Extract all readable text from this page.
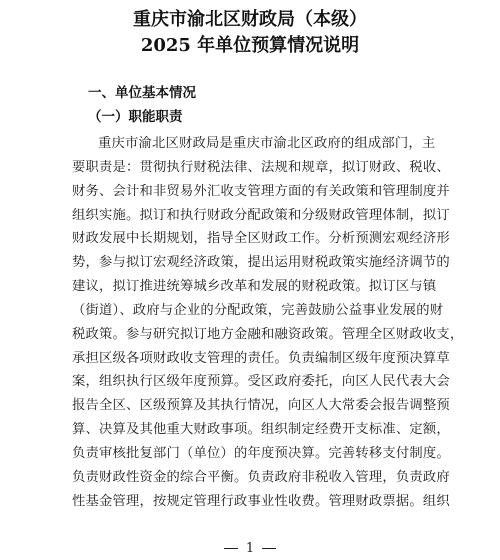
重庆市渝北区财政局（本级）
2025 年单位预算情况说明
一、单位基本情况
（一）职能职责
重庆市渝北区财政局是重庆市渝北区政府的组成部门，主
要职责是：贯彻执行财税法律、法规和规章，拟订财政、税收、
财务、会计和非贸易外汇收支管理方面的有关政策和管理制度并
组织实施。拟订和执行财政分配政策和分级财政管理体制，拟订
财政发展中长期规划，指导全区财政工作。分析预测宏观经济形
势，参与拟订宏观经济政策，提出运用财税政策实施经济调节的
建议，拟订推进统筹城乡改革和发展的财税政策。拟订区与镇
（街道）、政府与企业的分配政策，完善鼓励公益事业发展的财
税政策。参与研究拟订地方金融和融资政策。管理全区财政收支，
承担区级各项财政收支管理的责任。负责编制区级年度预决算草
案，组织执行区级年度预算。受区政府委托，向区人民代表大会
报告全区、区级预算及其执行情况，向区人大常委会报告调整预
算、决算及其他重大财政事项。组织制定经费开支标准、定额，
负责审核批复部门（单位）的年度预决算。完善转移支付制度。
负责财政性资金的综合平衡。负责政府非税收入管理，负责政府
性基金管理，按规定管理行政事业性收费。管理财政票据。组织
1
